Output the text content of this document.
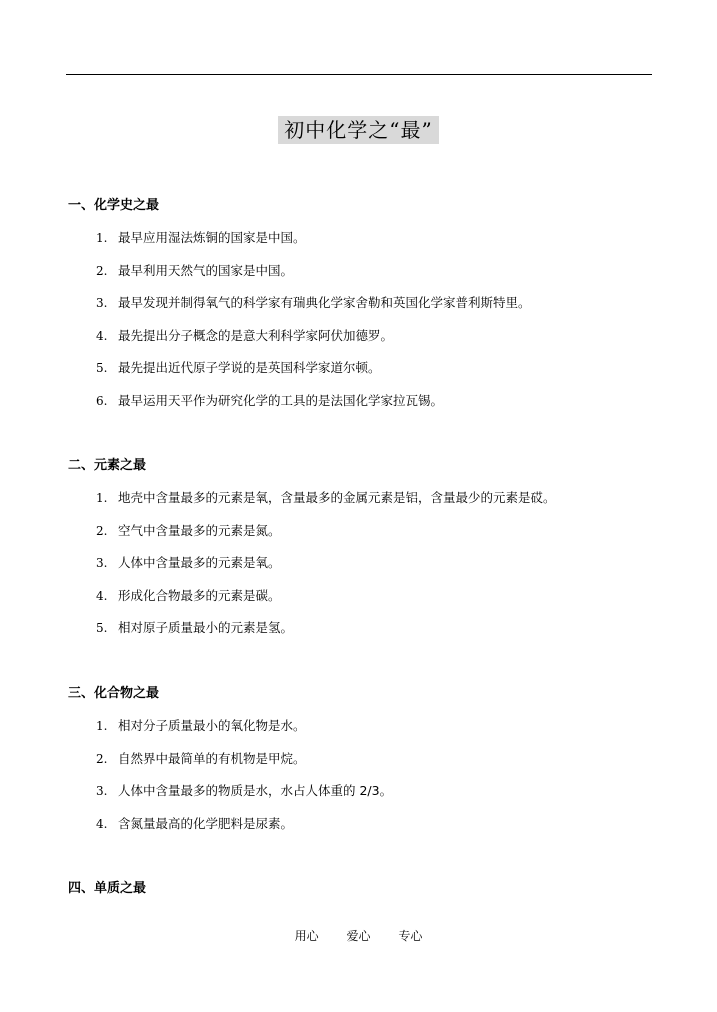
初中化学之“最”
一、化学史之最
1. 最早应用湿法炼铜的国家是中国。
2. 最早利用天然气的国家是中国。
3. 最早发现并制得氧气的科学家有瑞典化学家舍勒和英国化学家普利斯特里。
4. 最先提出分子概念的是意大利科学家阿伏加德罗。
5. 最先提出近代原子学说的是英国科学家道尔顿。
6. 最早运用天平作为研究化学的工具的是法国化学家拉瓦锡。
二、元素之最
1. 地壳中含量最多的元素是氧，含量最多的金属元素是铝，含量最少的元素是砹。
2. 空气中含量最多的元素是氮。
3. 人体中含量最多的元素是氧。
4. 形成化合物最多的元素是碳。
5. 相对原子质量最小的元素是氢。
三、化合物之最
1. 相对分子质量最小的氧化物是水。
2. 自然界中最简单的有机物是甲烷。
3. 人体中含量最多的物质是水，水占人体重的 2/3。
4. 含氮量最高的化学肥料是尿素。
四、单质之最
用心 爱心 专心
